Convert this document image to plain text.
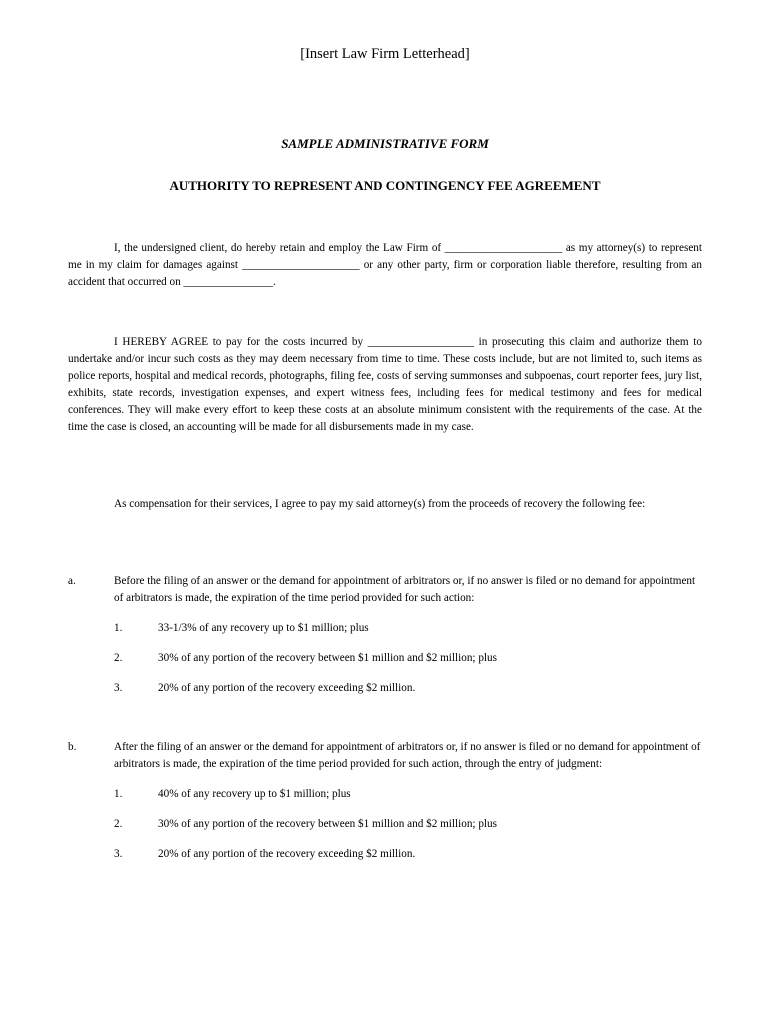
[Insert Law Firm Letterhead]
SAMPLE ADMINISTRATIVE FORM
AUTHORITY TO REPRESENT AND CONTINGENCY FEE AGREEMENT

I, the undersigned client, do hereby retain and employ the Law Firm of _____________________ as my attorney(s) to represent me in my claim for damages against _____________________ or any other party, firm or corporation liable therefore, resulting from an accident that occurred on ________________.

I HEREBY AGREE to pay for the costs incurred by ___________________ in prosecuting this claim and authorize them to undertake and/or incur such costs as they may deem necessary from time to time. These costs include, but are not limited to, such items as police reports, hospital and medical records, photographs, filing fee, costs of serving summonses and subpoenas, court reporter fees, jury list, exhibits, state records, investigation expenses, and expert witness fees, including fees for medical testimony and fees for medical conferences. They will make every effort to keep these costs at an absolute minimum consistent with the requirements of the case. At the time the case is closed, an accounting will be made for all disbursements made in my case.

As compensation for their services, I agree to pay my said attorney(s) from the proceeds of recovery the following fee:

a.	Before the filing of an answer or the demand for appointment of arbitrators or, if no answer is filed or no demand for appointment of arbitrators is made, the expiration of the time period provided for such action:
1.	33-1/3% of any recovery up to $1 million; plus
2.	30% of any portion of the recovery between $1 million and $2 million; plus
3.	20% of any portion of the recovery exceeding $2 million.
b.	After the filing of an answer or the demand for appointment of arbitrators or, if no answer is filed or no demand for appointment of arbitrators is made, the expiration of the time period provided for such action, through the entry of judgment:
1.	40% of any recovery up to $1 million; plus
2.	30% of any portion of the recovery between $1 million and $2 million; plus
3.	20% of any portion of the recovery exceeding $2 million.
